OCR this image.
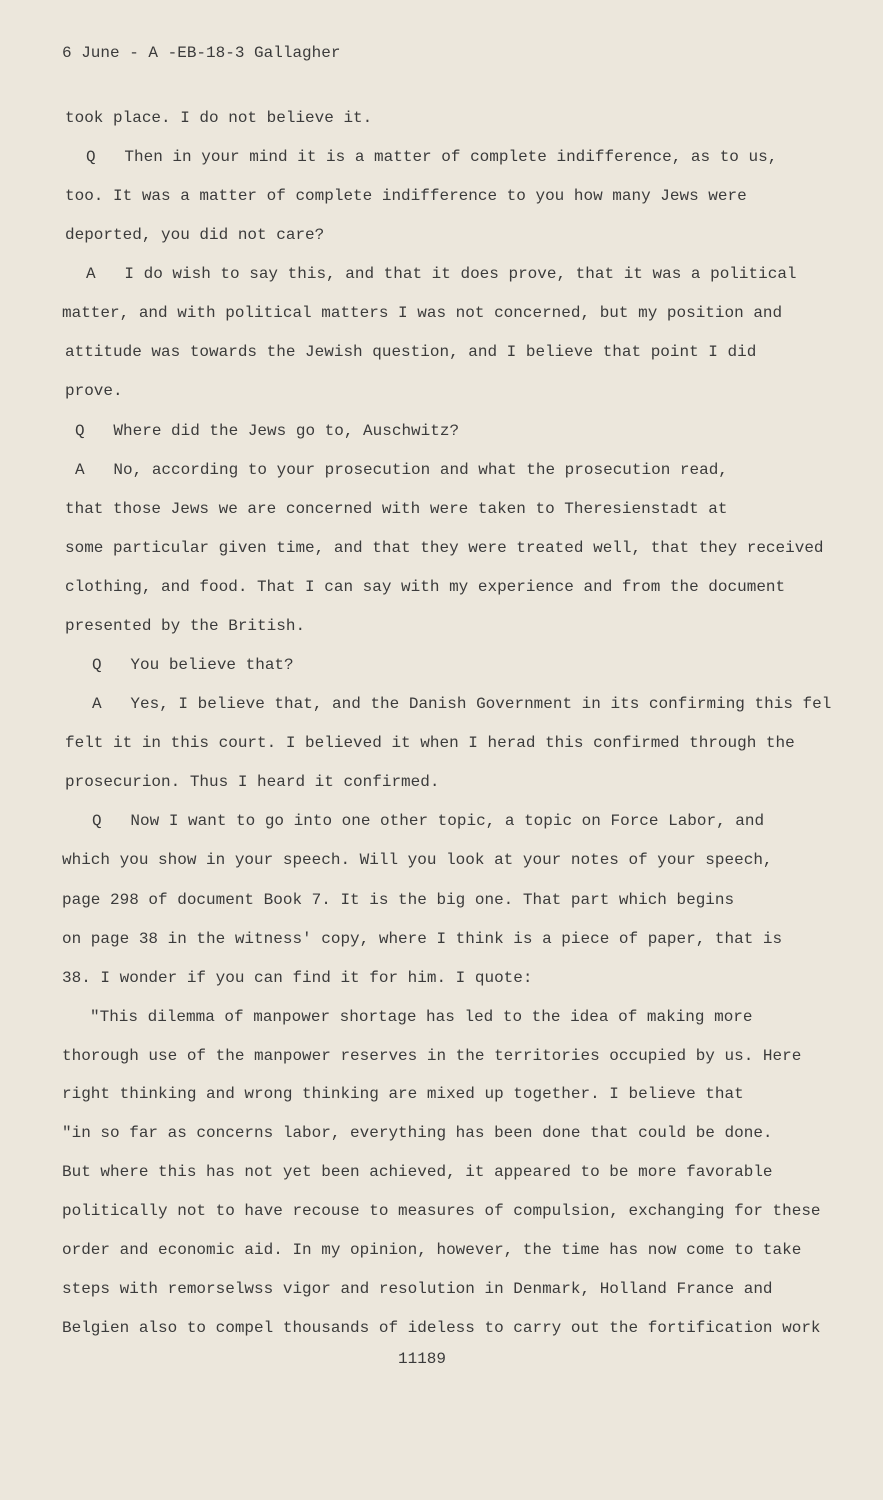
6 June - A -EB-18-3 Gallagher
took place. I do not believe it.
Q   Then in your mind it is a matter of complete indifference, as to us,
too. It was a matter of complete indifference to you how many Jews were
deported, you did not care?
A   I do wish to say this, and that it does prove, that it was a political
matter, and with political matters I was not concerned, but my position and
attitude was towards the Jewish question, and I believe that point I did
prove.
Q   Where did the Jews go to, Auschwitz?
A   No, according to your prosecution and what the prosecution read,
that those Jews we are concerned with were taken to Theresienstadt at
some particular given time, and that they were treated well, that they received
clothing, and food. That I can say with my experience and from the document
presented by the British.
Q   You believe that?
A   Yes, I believe that, and the Danish Government in its confirming this fel
felt it in this court. I believed it when I herad this confirmed through the
prosecurion. Thus I heard it confirmed.
Q   Now I want to go into one other topic, a topic on Force Labor, and
which you show in your speech. Will you look at your notes of your speech,
page 298 of document Book 7. It is the big one. That part which begins
on page 38 in the witness' copy, where I think is a piece of paper, that is
38. I wonder if you can find it for him. I quote:
"This dilemma of manpower shortage has led to the idea of making more
thorough use of the manpower reserves in the territories occupied by us. Here
right thinking and wrong thinking are mixed up together. I believe that
"in so far as concerns labor, everything has been done that could be done.
But where this has not yet been achieved, it appeared to be more favorable
politically not to have recouse to measures of compulsion, exchanging for these
order and economic aid. In my opinion, however, the time has now come to take
steps with remorselwss vigor and resolution in Denmark, Holland France and
Belgien also to compel thousands of ideless to carry out the fortification work
11189
